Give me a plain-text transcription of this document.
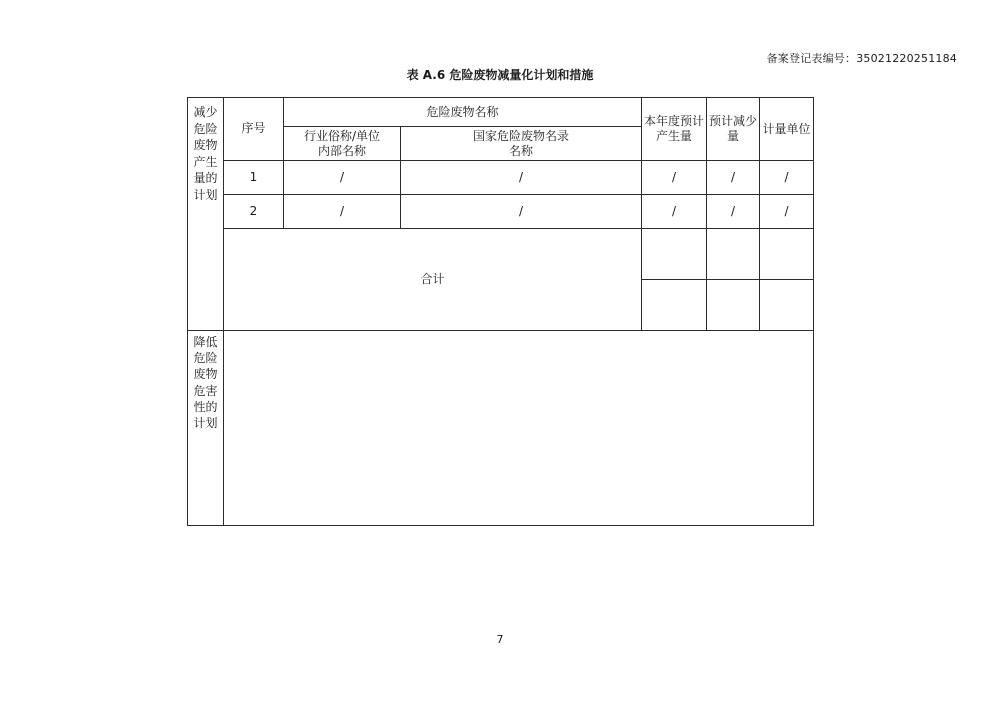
备案登记表编号：35021220251184
表 A.6 危险废物减量化计划和措施
减少危险废物产生量的计划	序号	危险废物名称		本年度预计产生量	预计减少量	计量单位
		行业俗称/单位内部名称	国家危险废物名录名称			
	1	/	/	/	/	/
	2	/	/	/	/	/
	合计					

降低危险废物危害性的计划						
7
